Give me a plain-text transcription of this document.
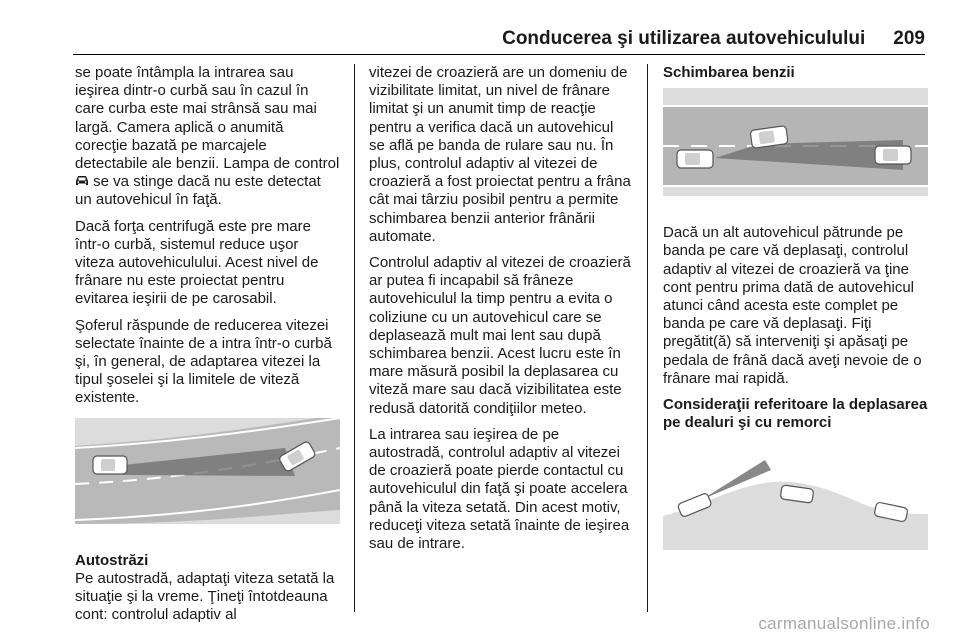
Conducerea şi utilizarea autovehiculului 209

se poate întâmpla la intrarea sau ieşirea dintr-o curbă sau în cazul în care curba este mai strânsă sau mai largă. Camera aplică o anumită corecţie bazată pe marcajele detectabile ale benzii. Lampa de control  se va stinge dacă nu este detectat un autovehicul în faţă.

Dacă forţa centrifugă este pre mare într-o curbă, sistemul reduce uşor viteza autovehiculului. Acest nivel de frânare nu este proiectat pentru evitarea ieşirii de pe carosabil.

Şoferul răspunde de reducerea vitezei selectate înainte de a intra într-o curbă şi, în general, de adaptarea vitezei la tipul şoselei şi la limitele de viteză existente.

Autostrăzi

Pe autostradă, adaptaţi viteza setată la situaţie şi la vreme. Ţineţi întotdeauna cont: controlul adaptiv al

vitezei de croazieră are un domeniu de vizibilitate limitat, un nivel de frânare limitat şi un anumit timp de reacţie pentru a verifica dacă un autovehicul se află pe banda de rulare sau nu. În plus, controlul adaptiv al vitezei de croazieră a fost proiectat pentru a frâna cât mai târziu posibil pentru a permite schimbarea benzii anterior frânării automate.

Controlul adaptiv al vitezei de croazieră ar putea fi incapabil să frâneze autovehiculul la timp pentru a evita o coliziune cu un autovehicul care se deplasează mult mai lent sau după schimbarea benzii. Acest lucru este în mare măsură posibil la deplasarea cu viteză mare sau dacă vizibilitatea este redusă datorită condiţiilor meteo.

La intrarea sau ieşirea de pe autostradă, controlul adaptiv al vitezei de croazieră poate pierde contactul cu autovehiculul din faţă şi poate accelera până la viteza setată. Din acest motiv, reduceţi viteza setată înainte de ieşirea sau de intrare.

Schimbarea benzii

Dacă un alt autovehicul pătrunde pe banda pe care vă deplasaţi, controlul adaptiv al vitezei de croazieră va ţine cont pentru prima dată de autovehicul atunci când acesta este complet pe banda pe care vă deplasaţi. Fiţi pregătit(ă) să interveniţi şi apăsaţi pe pedala de frână dacă aveţi nevoie de o frânare mai rapidă.

Consideraţii referitoare la deplasarea pe dealuri şi cu remorci

carmanualsonline.info
